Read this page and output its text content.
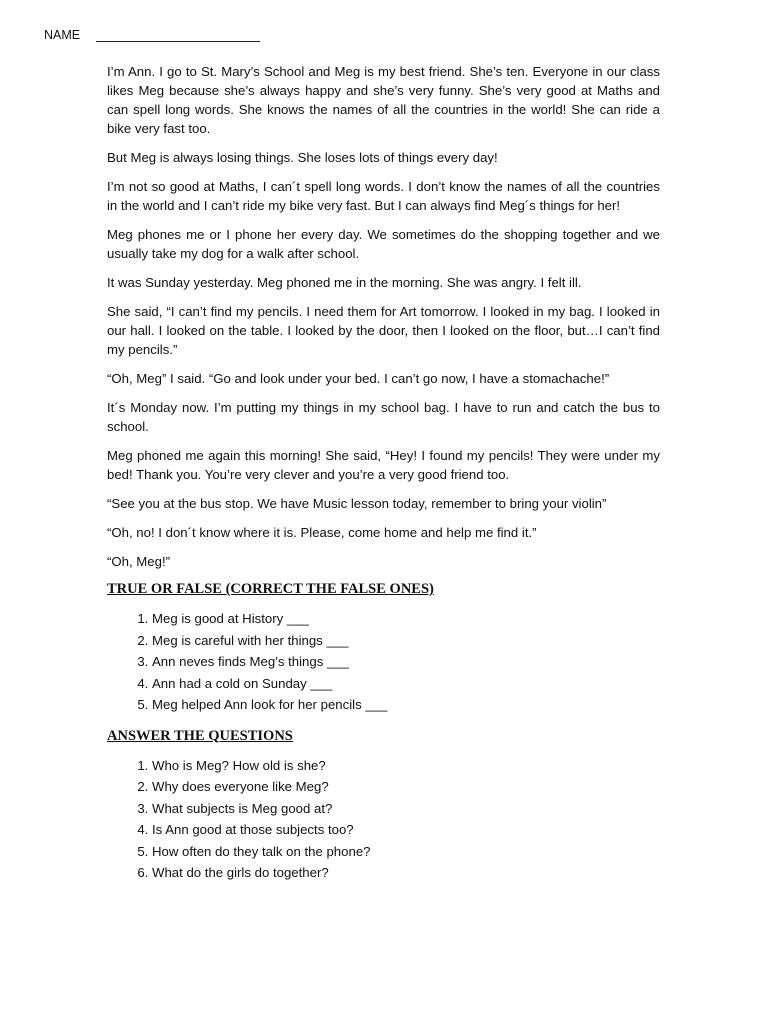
NAME

I’m Ann. I go to St. Mary’s School and Meg is my best friend. She’s ten. Everyone in our class likes Meg because she’s always happy and she’s very funny. She’s very good at Maths and can spell long words. She knows the names of all the countries in the world! She can ride a bike very fast too.

But Meg is always losing things. She loses lots of things every day!

I’m not so good at Maths, I can´t spell long words. I don’t know the names of all the countries in the world and I can’t ride my bike very fast. But I can always find Meg´s things for her!

Meg phones me or I phone her every day. We sometimes do the shopping together and we usually take my dog for a walk after school.

It was Sunday yesterday. Meg phoned me in the morning. She was angry. I felt ill.

She said, “I can’t find my pencils. I need them for Art tomorrow. I looked in my bag. I looked in our hall. I looked on the table. I looked by the door, then I looked on the floor, but…I can’t find my pencils.”

“Oh, Meg” I said. “Go and look under your bed. I can’t go now, I have a stomachache!”

It´s Monday now. I’m putting my things in my school bag. I have to run and catch the bus to school.

Meg phoned me again this morning! She said, “Hey! I found my pencils! They were under my bed! Thank you. You’re very clever and you’re a very good friend too.

“See you at the bus stop. We have Music lesson today, remember to bring your violin”

“Oh, no! I don´t know where it is. Please, come home and help me find it.”

“Oh, Meg!”

TRUE OR FALSE (CORRECT THE FALSE ONES)
1. Meg is good at History ___
2. Meg is careful with her things ___
3. Ann neves finds Meg’s things ___
4. Ann had a cold on Sunday ___
5. Meg helped Ann look for her pencils ___
ANSWER THE QUESTIONS
1. Who is Meg? How old is she?
2. Why does everyone like Meg?
3. What subjects is Meg good at?
4. Is Ann good at those subjects too?
5. How often do they talk on the phone?
6. What do the girls do together?
